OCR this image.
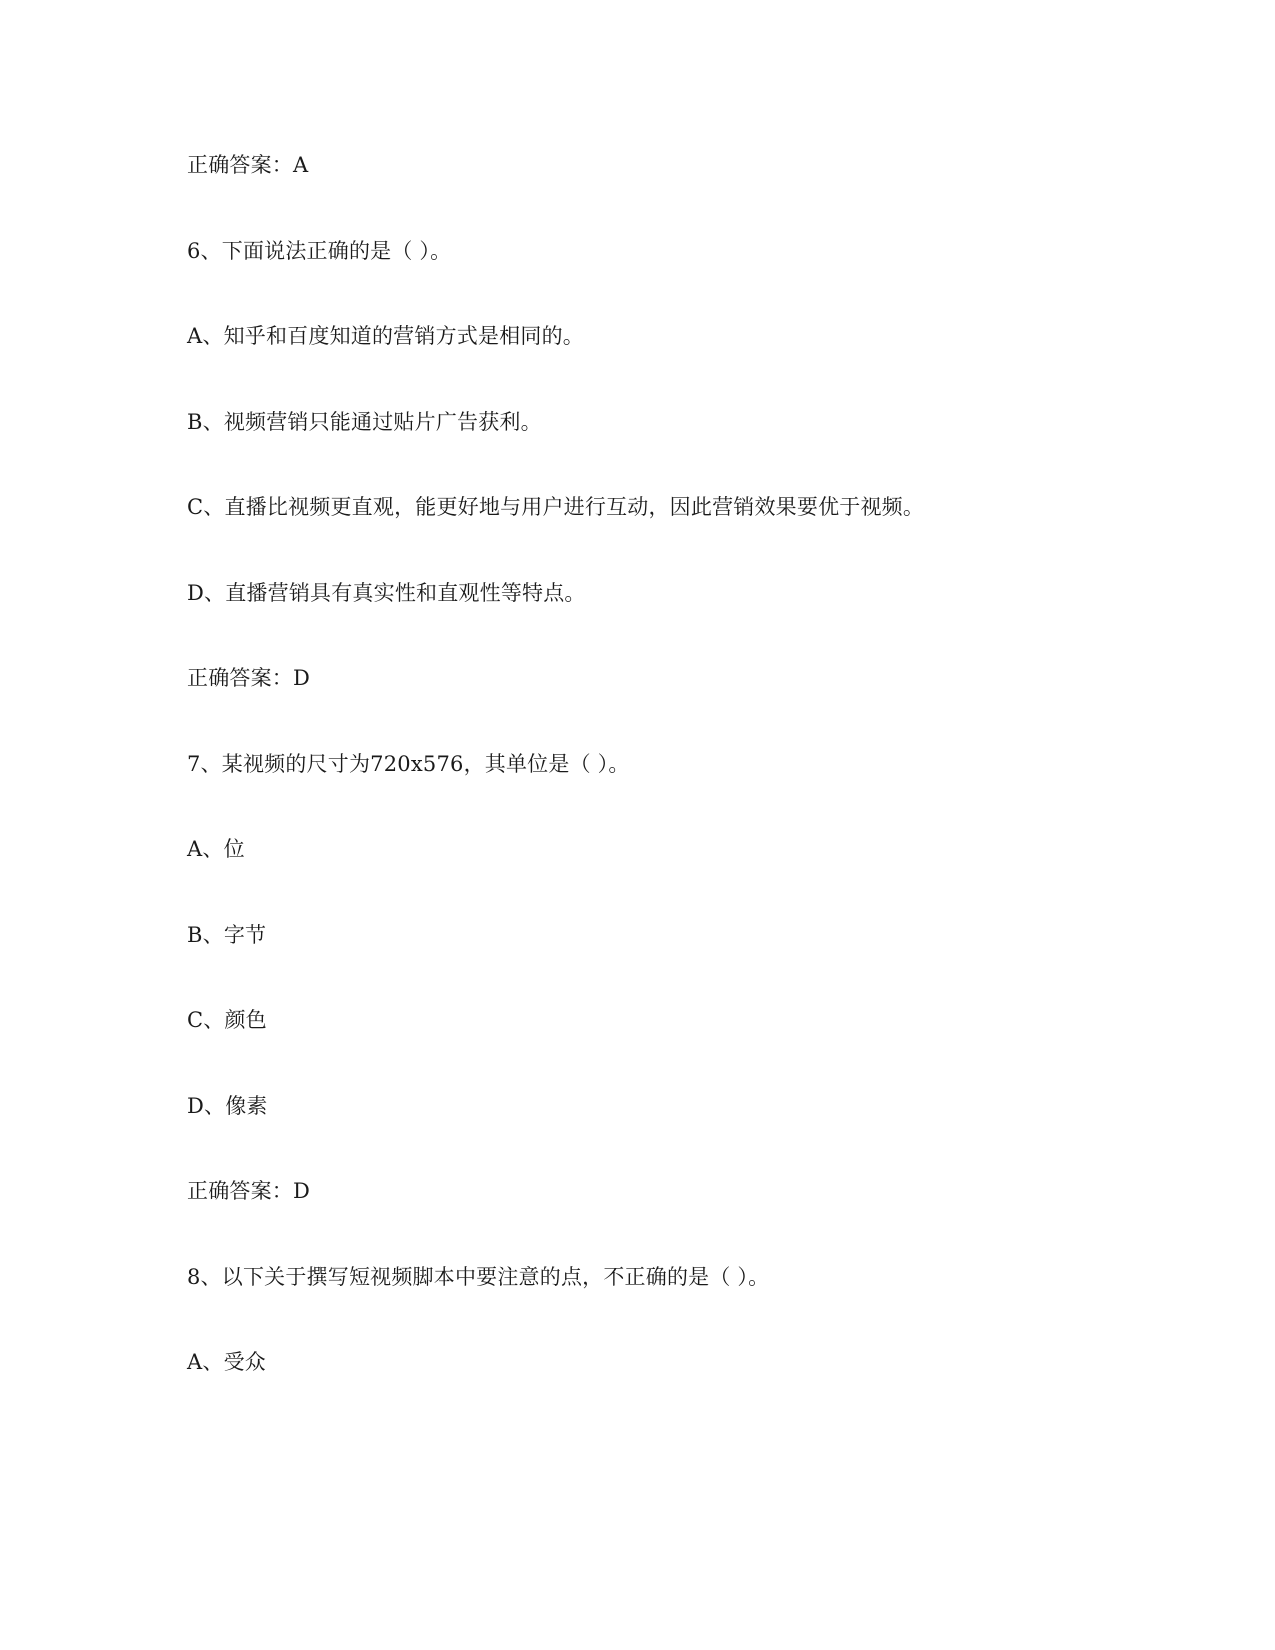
正确答案：A
6、下面说法正确的是（ ）。
A、知乎和百度知道的营销方式是相同的。
B、视频营销只能通过贴片广告获利。
C、直播比视频更直观，能更好地与用户进行互动，因此营销效果要优于视频。
D、直播营销具有真实性和直观性等特点。
正确答案：D
7、某视频的尺寸为720x576，其单位是（ ）。
A、位
B、字节
C、颜色
D、像素
正确答案：D
8、以下关于撰写短视频脚本中要注意的点，不正确的是（ ）。
A、受众
